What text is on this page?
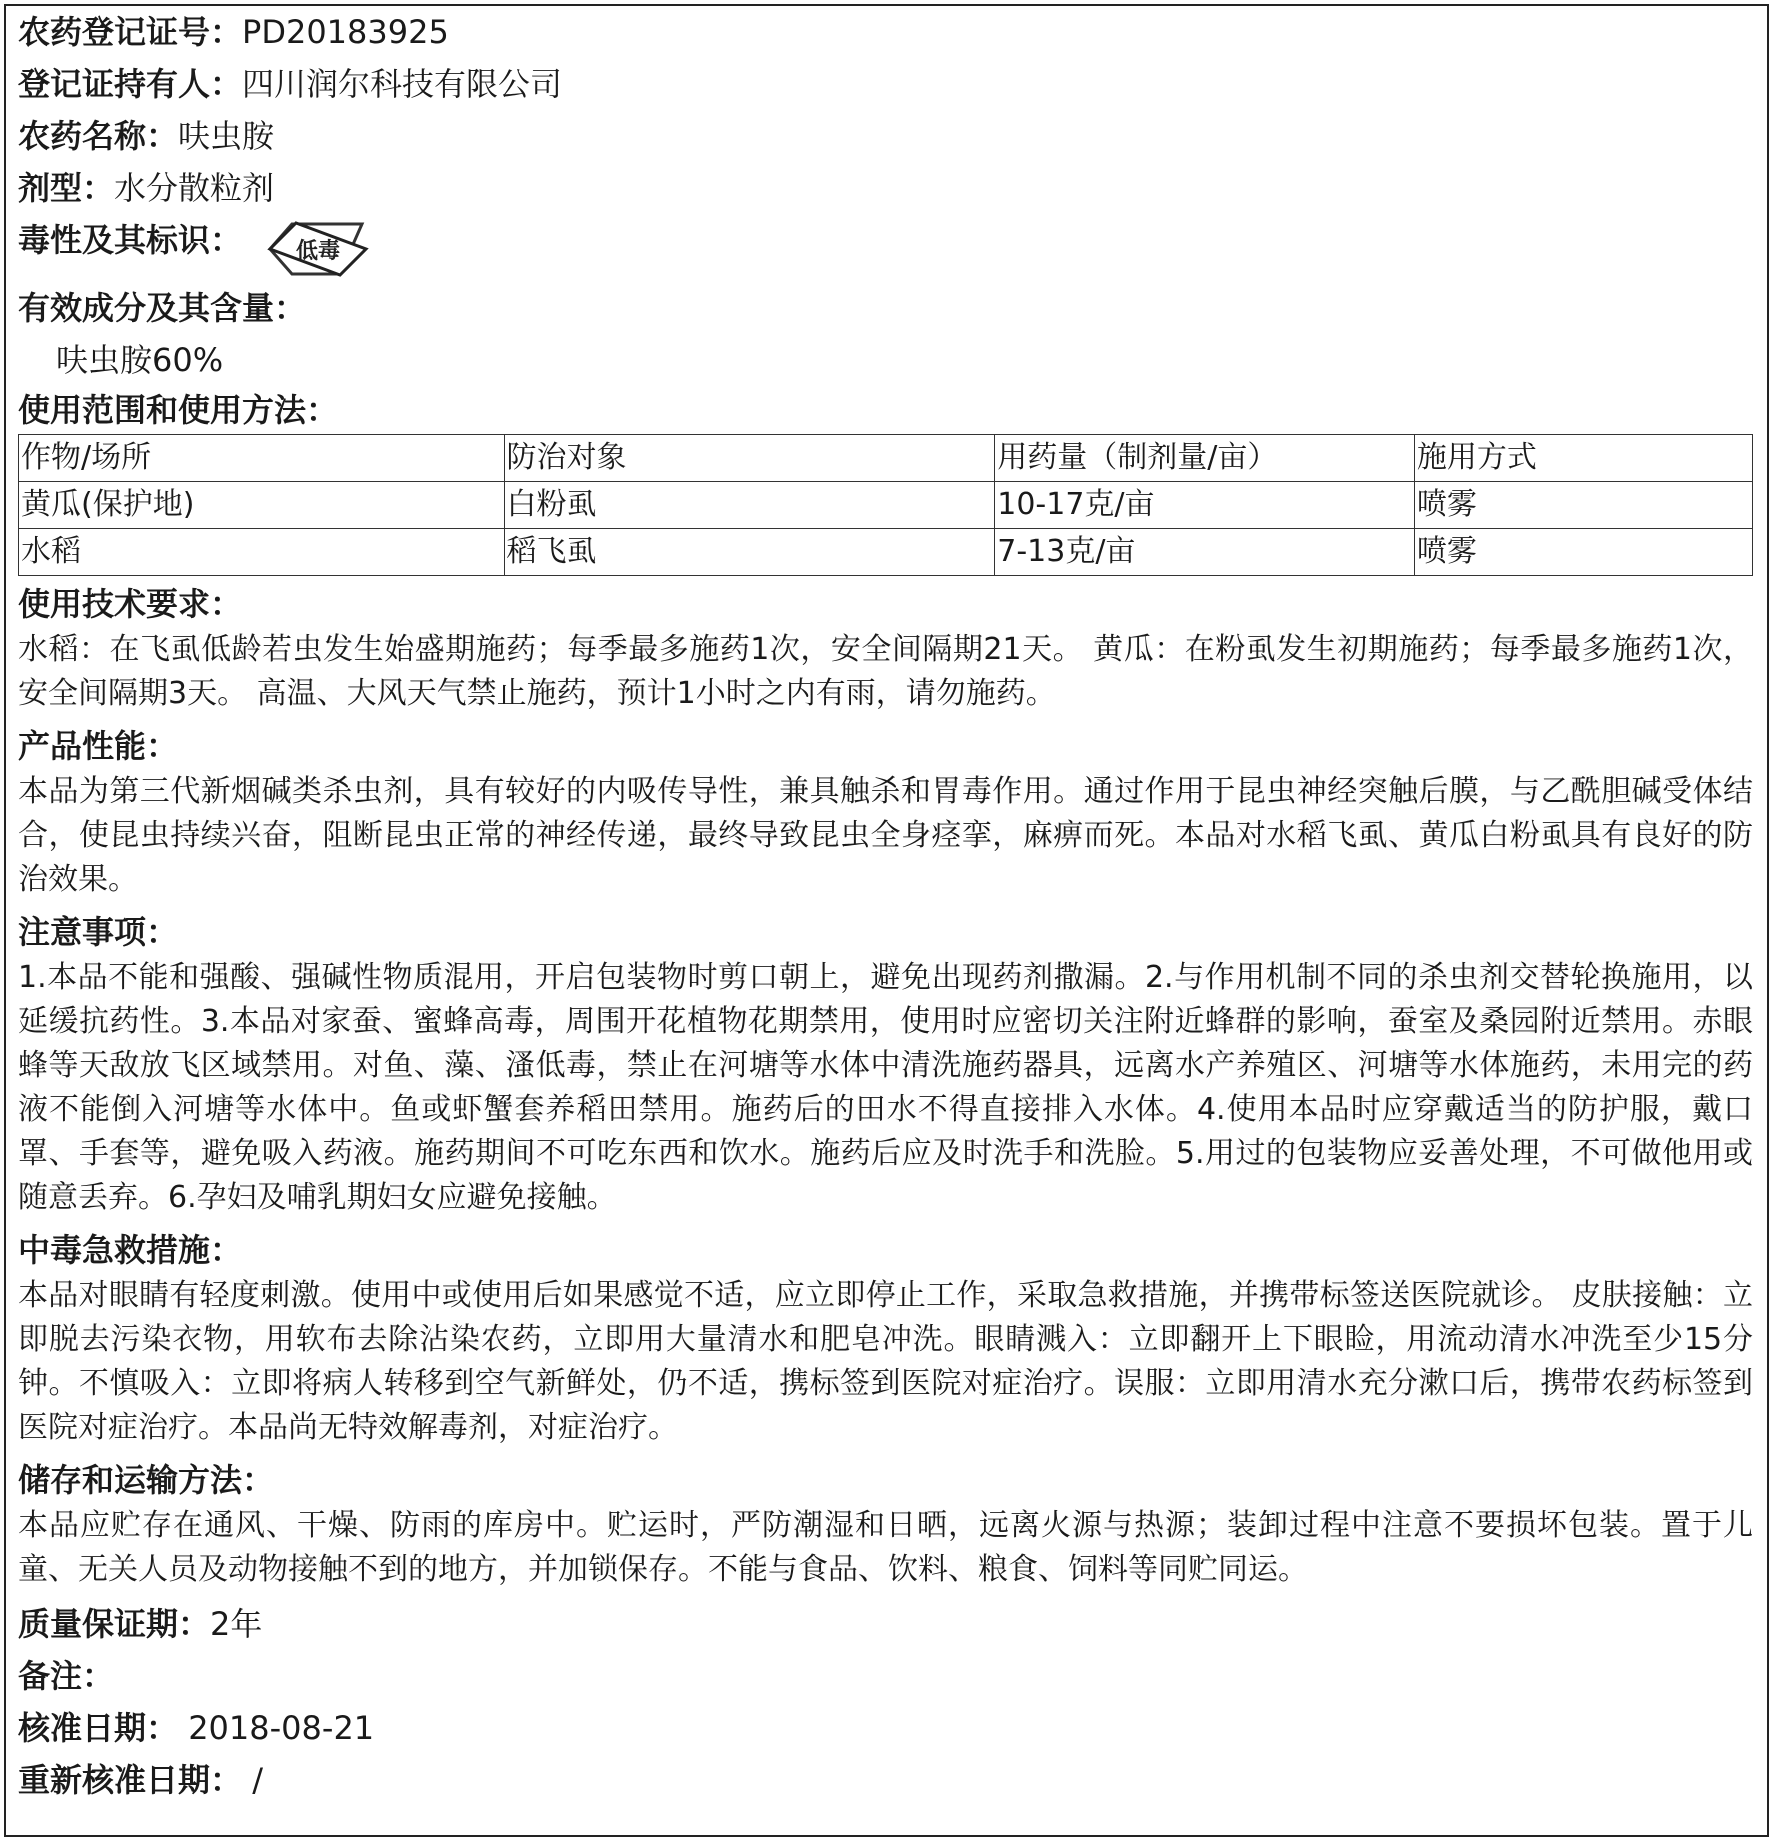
农药登记证号：PD20183925
登记证持有人：四川润尔科技有限公司
农药名称：呋虫胺
剂型：水分散粒剂
毒性及其标识： 低毒
有效成分及其含量：
呋虫胺60%
使用范围和使用方法：
作物/场所	防治对象	用药量（制剂量/亩）	施用方式
黄瓜(保护地)	白粉虱	10-17克/亩	喷雾
水稻	稻飞虱	7-13克/亩	喷雾
使用技术要求：

水稻：在飞虱低龄若虫发生始盛期施药；每季最多施药1次，安全间隔期21天。 黄瓜：在粉虱发生初期施药；每季最多施药1次，安全间隔期3天。 高温、大风天气禁止施药，预计1小时之内有雨，请勿施药。

产品性能：

本品为第三代新烟碱类杀虫剂，具有较好的内吸传导性，兼具触杀和胃毒作用。通过作用于昆虫神经突触后膜，与乙酰胆碱受体结合，使昆虫持续兴奋，阻断昆虫正常的神经传递，最终导致昆虫全身痉挛，麻痹而死。本品对水稻飞虱、黄瓜白粉虱具有良好的防治效果。

注意事项：

1.本品不能和强酸、强碱性物质混用，开启包装物时剪口朝上，避免出现药剂撒漏。2.与作用机制不同的杀虫剂交替轮换施用，以延缓抗药性。3.本品对家蚕、蜜蜂高毒，周围开花植物花期禁用，使用时应密切关注附近蜂群的影响，蚕室及桑园附近禁用。赤眼蜂等天敌放飞区域禁用。对鱼、藻、溞低毒，禁止在河塘等水体中清洗施药器具，远离水产养殖区、河塘等水体施药，未用完的药液不能倒入河塘等水体中。鱼或虾蟹套养稻田禁用。施药后的田水不得直接排入水体。4.使用本品时应穿戴适当的防护服，戴口罩、手套等，避免吸入药液。施药期间不可吃东西和饮水。施药后应及时洗手和洗脸。5.用过的包装物应妥善处理，不可做他用或随意丢弃。6.孕妇及哺乳期妇女应避免接触。

中毒急救措施：

本品对眼睛有轻度刺激。使用中或使用后如果感觉不适，应立即停止工作，采取急救措施，并携带标签送医院就诊。 皮肤接触：立即脱去污染衣物，用软布去除沾染农药，立即用大量清水和肥皂冲洗。眼睛溅入：立即翻开上下眼睑，用流动清水冲洗至少15分钟。不慎吸入：立即将病人转移到空气新鲜处，仍不适，携标签到医院对症治疗。误服：立即用清水充分漱口后，携带农药标签到医院对症治疗。本品尚无特效解毒剂，对症治疗。

储存和运输方法：

本品应贮存在通风、干燥、防雨的库房中。贮运时，严防潮湿和日晒，远离火源与热源；装卸过程中注意不要损坏包装。置于儿童、无关人员及动物接触不到的地方，并加锁保存。不能与食品、饮料、粮食、饲料等同贮同运。

质量保证期：2年
备注：
核准日期： 2018-08-21
重新核准日期： /
